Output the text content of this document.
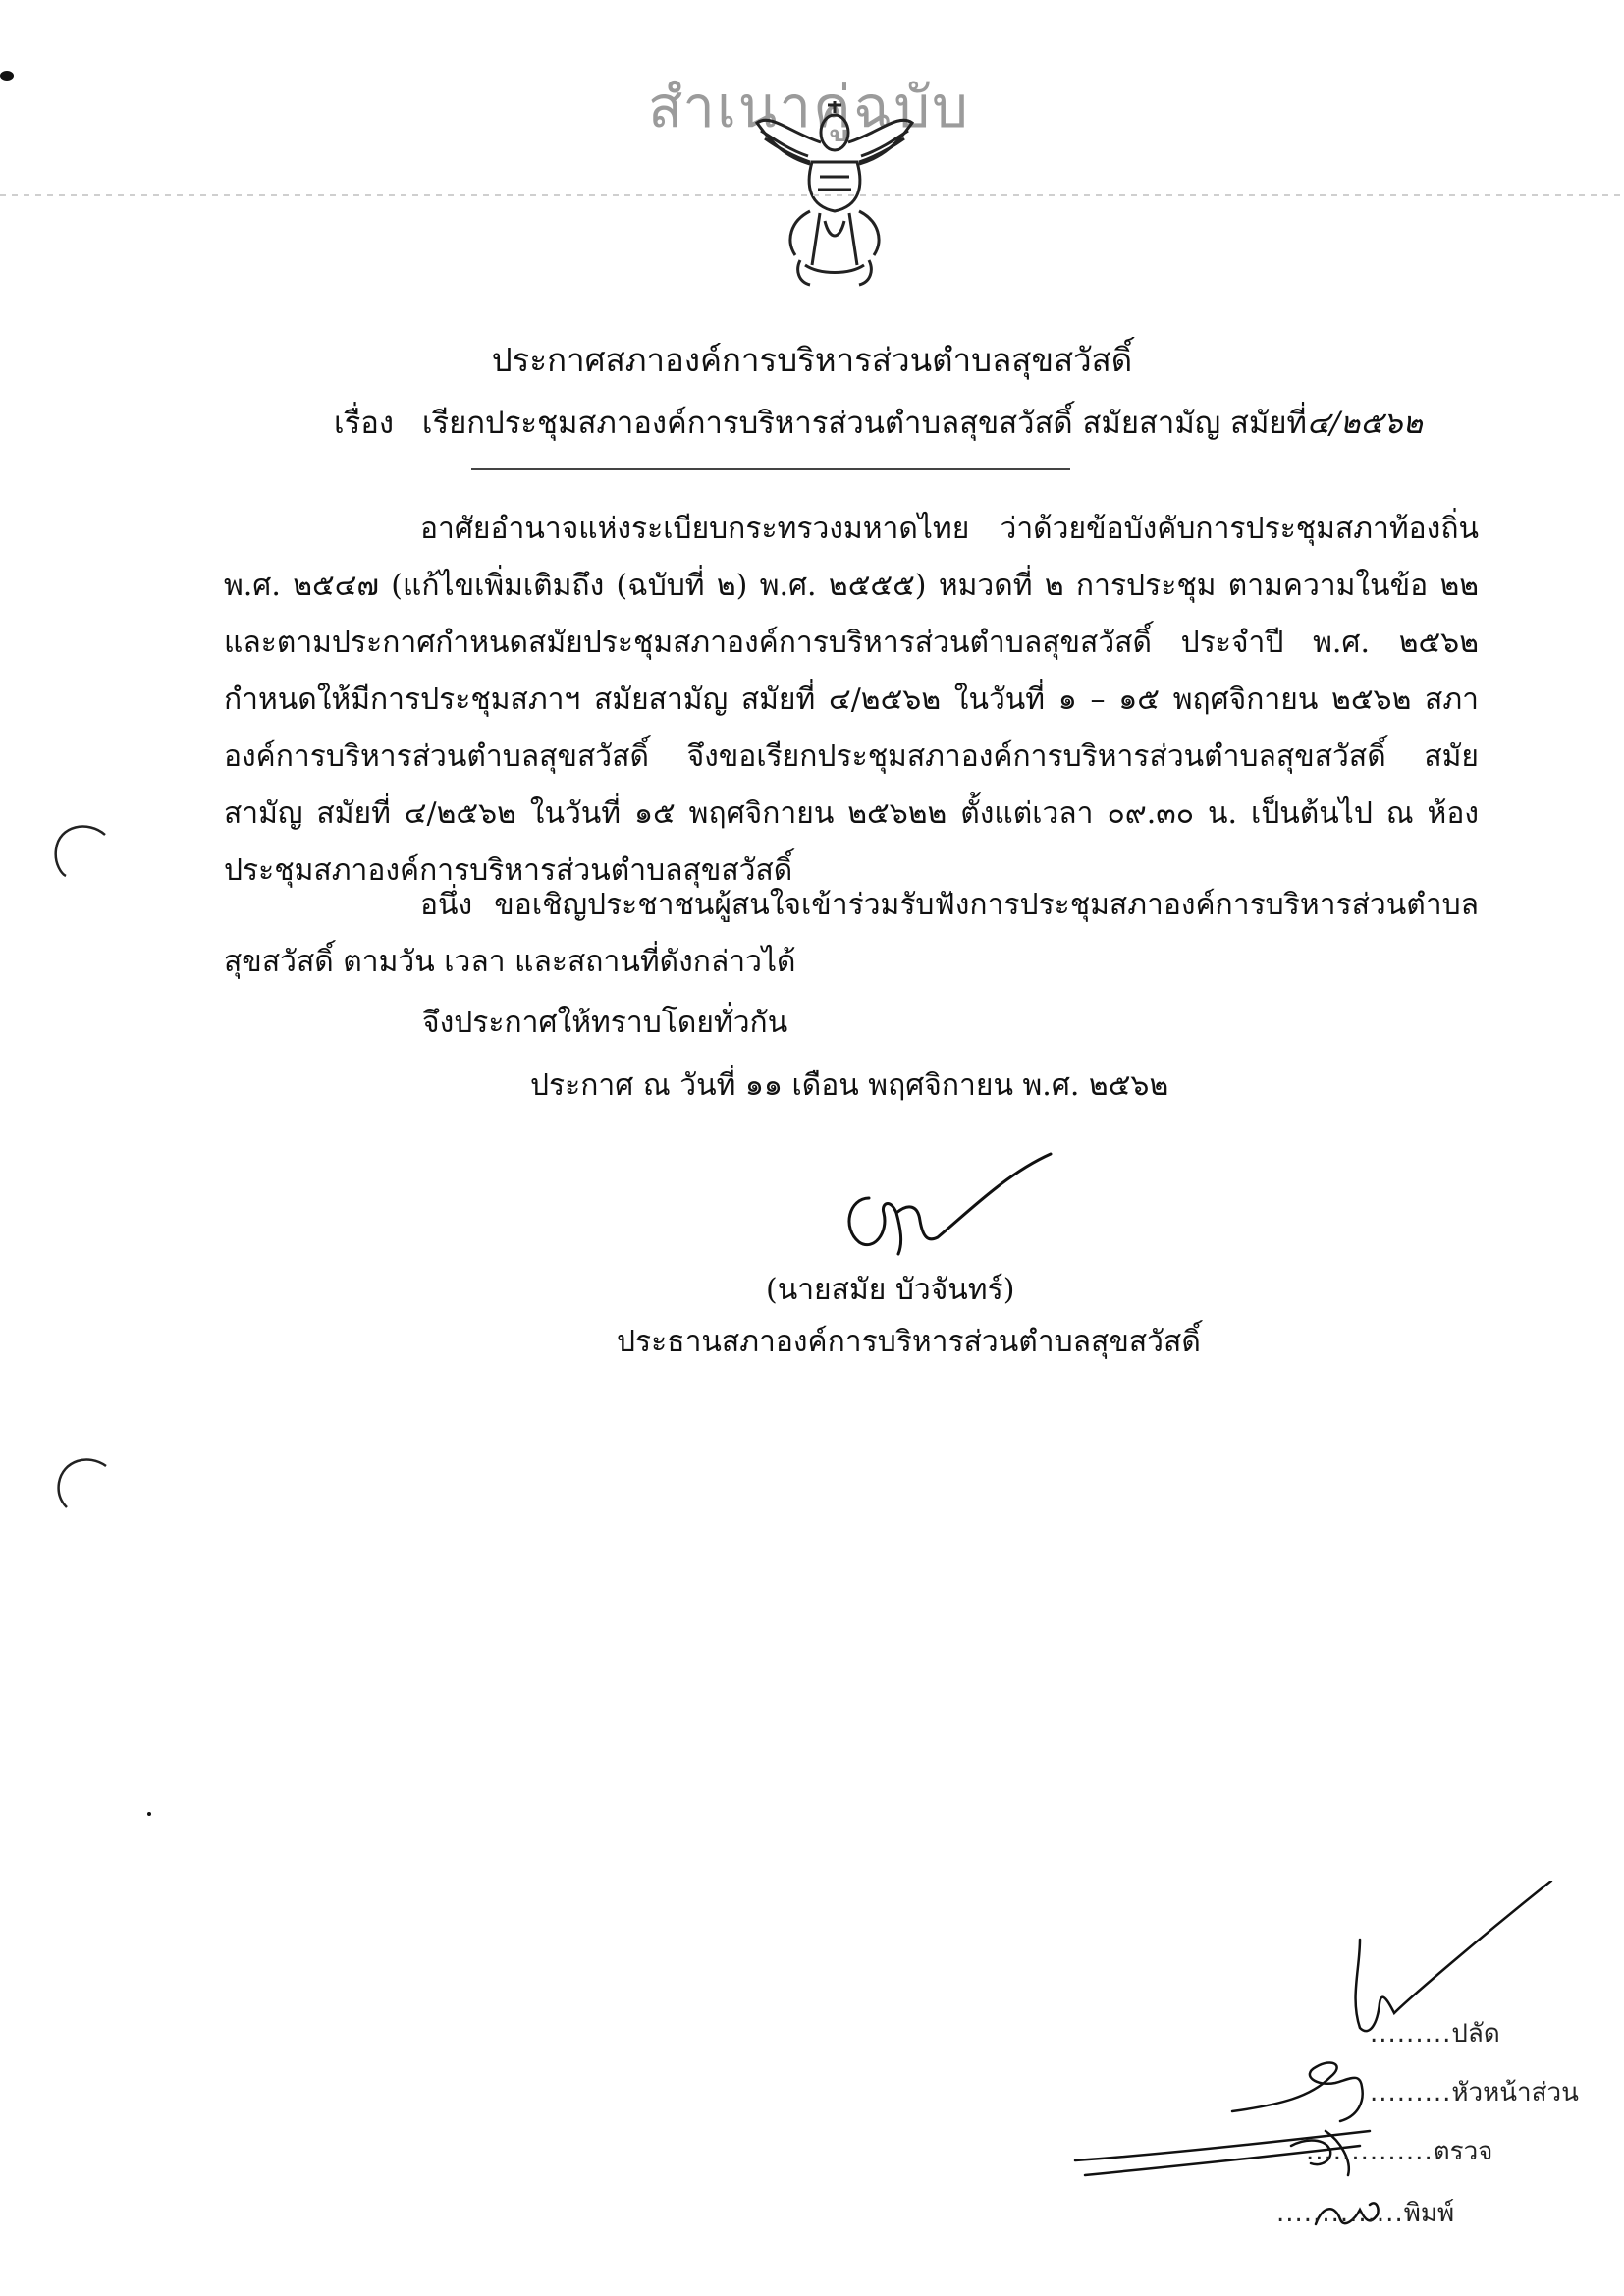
สำเนาคู่ฉบับ
ประกาศสภาองค์การบริหารส่วนตำบลสุขสวัสดิ์
เรื่อง เรียกประชุมสภาองค์การบริหารส่วนตำบลสุขสวัสดิ์ สมัยสามัญ สมัยที่๔/๒๕๖๒
อาศัยอำนาจแห่งระเบียบกระทรวงมหาดไทย ว่าด้วยข้อบังคับการประชุมสภาท้องถิ่น พ.ศ. ๒๕๔๗ (แก้ไขเพิ่มเติมถึง (ฉบับที่ ๒) พ.ศ. ๒๕๕๕) หมวดที่ ๒ การประชุม ตามความในข้อ ๒๒ และตามประกาศกำหนดสมัยประชุมสภาองค์การบริหารส่วนตำบลสุขสวัสดิ์ ประจำปี พ.ศ. ๒๕๖๒ กำหนดให้มีการประชุมสภาฯ สมัยสามัญ สมัยที่ ๔/๒๕๖๒ ในวันที่ ๑ – ๑๕ พฤศจิกายน ๒๕๖๒ สภาองค์การบริหารส่วนตำบลสุขสวัสดิ์ จึงขอเรียกประชุมสภาองค์การบริหารส่วนตำบลสุขสวัสดิ์ สมัยสามัญ สมัยที่ ๔/๒๕๖๒ ในวันที่ ๑๕ พฤศจิกายน ๒๕๖๒๒ ตั้งแต่เวลา ๐๙.๓๐ น. เป็นต้นไป ณ ห้องประชุมสภาองค์การบริหารส่วนตำบลสุขสวัสดิ์
อนึ่ง ขอเชิญประชาชนผู้สนใจเข้าร่วมรับฟังการประชุมสภาองค์การบริหารส่วนตำบลสุขสวัสดิ์ ตามวัน เวลา และสถานที่ดังกล่าวได้
จึงประกาศให้ทราบโดยทั่วกัน
ประกาศ ณ วันที่ ๑๑ เดือน พฤศจิกายน พ.ศ. ๒๕๖๒
(นายสมัย บัวจันทร์)
ประธานสภาองค์การบริหารส่วนตำบลสุขสวัสดิ์
.........ปลัด
.........หัวหน้าส่วน
..............ตรวจ
..............พิมพ์
